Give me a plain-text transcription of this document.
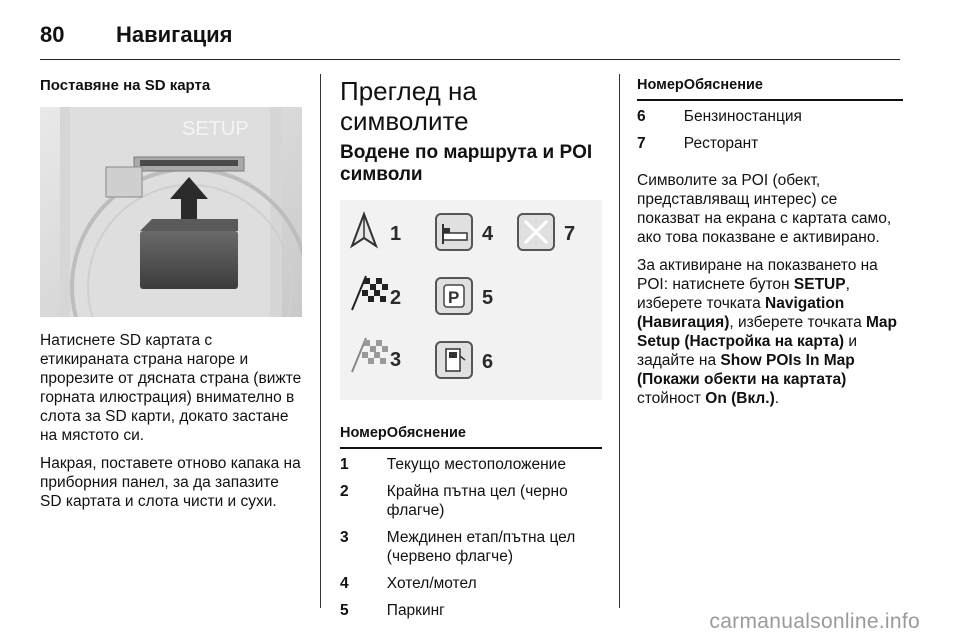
80	Навигация
Поставяне на SD карта
SETUP

Натиснете SD картата с етикираната страна нагоре и прорезите от дясната страна (вижте горната илюстрация) внимателно в слота за SD карти, докато застане на мястото си.

Накрая, поставете отново капака на приборния панел, за да запазите SD картата и слота чисти и сухи.

Преглед на символите
Водене по маршрута и POI символи
1
2
3
4
P 5
6
7
Номер	Обяснение
1	Текущо местоположение
2	Крайна пътна цел (черно флагче)
3	Междинен етап/пътна цел (червено флагче)
4	Хотел/мотел
5	Паркинг
Номер	Обяснение
6	Бензиностанция
7	Ресторант

Символите за POI (обект, представляващ интерес) се показват на екрана с картата само, ако това показване е активирано.

За активиране на показването на POI: натиснете бутон SETUP, изберете точката Navigation (Навигация), изберете точката Map Setup (Настройка на карта) и задайте на Show POIs In Map (Покажи обекти на картата) стойност On (Вкл.).

carmanualsonline.info
